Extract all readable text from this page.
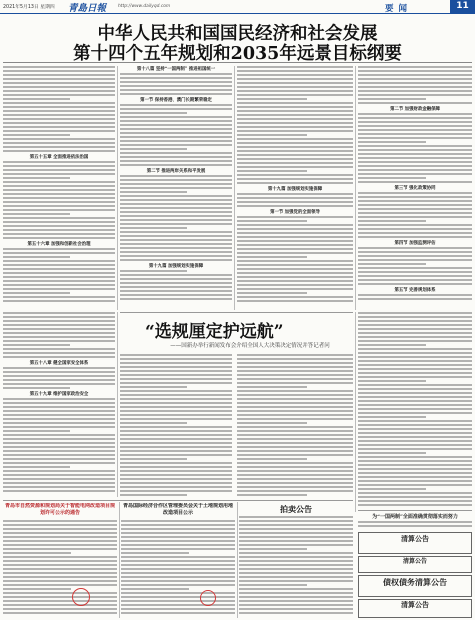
2021年5月13日 星期四 青島日報	http://www.dailyqd.com	要闻	11
中华人民共和国国民经济和社会发展
第十四个五年规划和2035年远景目标纲要
第五十五章 全面推进依法治国
第五十六章 加强和创新社会治理
第十八篇 坚持“一国两制” 推进祖国统一
第一节 保持香港、澳门长期繁荣稳定
第二节 推进两岸关系和平发展
第十九篇 加强规划实施保障
第十九篇 加强规划实施保障
第一节 加强党的全面领导
第二节 加强财政金融保障
第三节 强化政策协同
第四节 加强监测评估
第五节 完善规划体系
“选规厘定护远航”
——国新办举行新闻发布会介绍全国人大决策决定情况并答记者问
第五十八章 健全国家安全体系
第五十九章 维护国家政治安全
青岛市自然资源和规划局关于智能电网改造项目规划许可公示的通告
青岛国际经济合作区管理委员会关于土地规划用地改造项目公示	拍卖公告
为“一国两制”全面准确贯彻落实而努力
清算公告
清算公告
债权债务清算公告
清算公告
